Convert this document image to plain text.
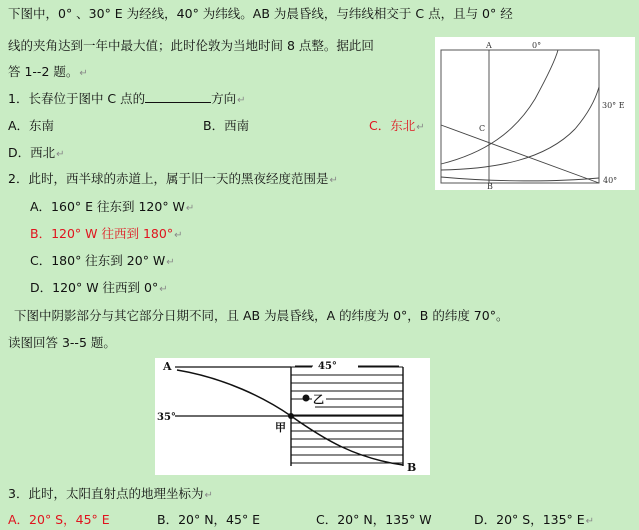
下图中，0° 、30° E 为经线，40° 为纬线。AB 为晨昏线，与纬线相交于 C 点，且与 0° 经
线的夹角达到一年中最大值；此时伦敦为当地时间 8 点整。据此回
答 1--2 题。↵
1．长春位于图中 C 点的	方向↵
A．东南	B．西南	C．东北↵
D．西北↵
2．此时，西半球的赤道上，属于旧一天的黑夜经度范围是↵
A．160° E 往东到 120° W↵
B．120° W 往西到 180°↵
C．180° 往东到 20° W↵
D．120° W 往西到 0°↵
下图中阴影部分与其它部分日期不同，且 AB 为晨昏线，A 的纬度为 0°，B 的纬度 70°。
读图回答 3--5 题。
3．此时，太阳直射点的地理坐标为↵
A．20° S，45° E	B．20° N，45° E	C．20° N，135° W	D．20° S，135° E↵
A	0°
30° E
C
40°
B
45°
乙
甲
A
35°
B
